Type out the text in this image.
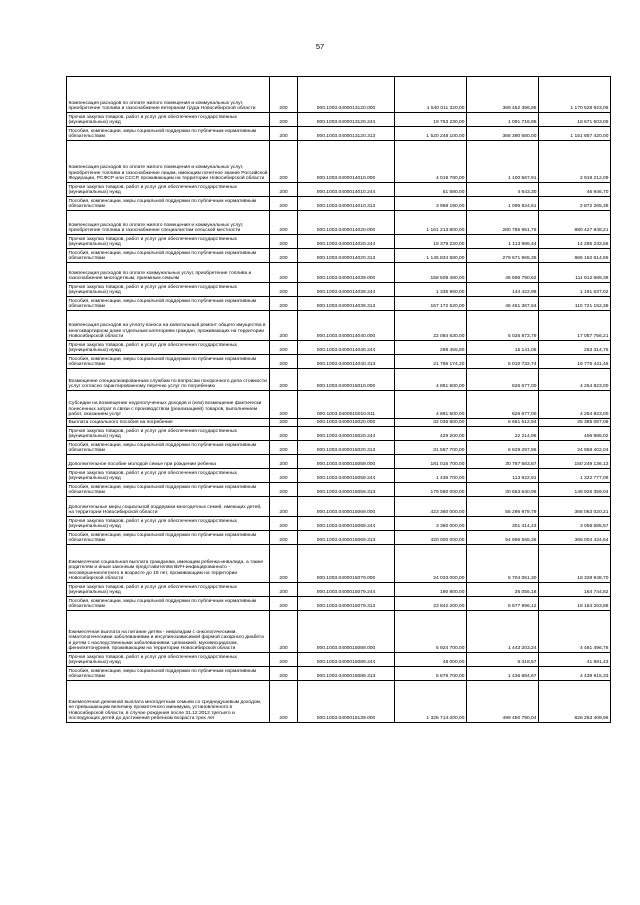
57
Компенсация расходов по оплате жилого помещения и коммунальных услуг, приобретение топлива и газоснабжение ветеранам труда Новосибирской области	200	000.1003.0400013120.000	1 540 011 320,00	369 452 396,95	1 170 528 923,05
Прочая закупка товаров, работ и услуг для обеспечения государственных (муниципальных) нужд	200	000.1003.0400013120.244	19 763 230,00	1 091 716,95	18 671 503,05
Пособия, компенсации, меры социальной поддержки по публичным нормативным обязательствам	200	000.1003.0400013120.313	1 520 248 100,00	368 390 680,00	1 151 857 420,00
Компенсация расходов по оплате жилого помещения и коммунальных услуг, приобретение топлива и газоснабжение лицам, имеющим почетное звание Российской Федерации, РСФСР или СССР, проживающим на территории Новосибирской области	200	000.1003.0400014010.000	4 019 780,00	1 100 567,91	2 919 212,09
Прочая закупка товаров, работ и услуг для обеспечения государственных (муниципальных) нужд	200	000.1003.0400014010.244	51 590,00	4 643,30	46 946,70
Пособия, компенсации, меры социальной поддержки по публичным нормативным обязательствам	200	000.1003.0400014010.313	3 968 190,00	1 095 924,61	2 872 265,39
Компенсация расходов по оплате жилого помещения и коммунальных услуг, приобретение топлива и газоснабжение специалистам сельской местности	200	000.1003.0400014020.000	1 161 213 800,00	280 785 951,79	880 427 848,21
Прочая закупка товаров, работ и услуг для обеспечения государственных (муниципальных) нужд	200	000.1003.0400014020.244	15 379 220,00	1 113 986,44	14 265 233,56
Пособия, компенсации, меры социальной поддержки по публичным нормативным обязательствам	200	000.1003.0400014020.313	1 145 834 580,00	279 671 965,35	866 162 614,65
Компенсация расходов по оплате коммунальных услуг, приобретение топлива и газоснабжение многодетным, приемным семьям	200	000.1003.0400014039.000	158 508 480,00	46 596 790,62	111 912 689,38
Прочая закупка товаров, работ и услуг для обеспечения государственных (муниципальных) нужд	200	000.1003.0400014039.244	1 335 960,00	144 422,98	1 191 537,02
Пособия, компенсации, меры социальной поддержки по публичным нормативным обязательствам	200	000.1003.0400014039.313	157 172 520,00	46 451 367,64	110 721 152,36
Компенсация расходов на уплату взноса на капитальный ремонт общего имущества в многоквартирном доме отдельным категориям граждан, проживающих на территории Новосибирской области	200	000.1003.0400014040.000	22 084 630,00	5 026 873,79	17 057 756,21
Прочая закупка товаров, работ и услуг для обеспечения государственных (муниципальных) нужд	200	000.1003.0400014040.244	298 455,80	15 141,05	283 314,75
Пособия, компенсации, меры социальной поддержки по публичным нормативным обязательствам	200	000.1003.0400014040.313	21 786 174,20	5 010 732,74	16 775 441,46
Возмещение специализированным службам по вопросам похоронного дела стоимости услуг согласно гарантированному перечню услуг по погребению	200	000.1003.0400015010.000	4 881 500,00	626 677,00	4 254 823,00
Субсидии на возмещение недополученных доходов и (или) возмещение фактически понесенных затрат в связи с производством (реализацией) товаров, выполнением работ, оказанием услуг	200	000.1003.0400015010.811	4 881 500,00	626 677,00	4 254 823,00
Выплата социального пособия на погребение	200	000.1003.0400015020.000	32 036 600,00	6 651 512,94	25 385 087,06
Прочая закупка товаров, работ и услуг для обеспечения государственных (муниципальных) нужд	200	000.1003.0400015020.244	429 200,00	22 214,96	406 985,02
Пособия, компенсации, меры социальной поддержки по публичным нормативным обязательствам	200	000.1003.0400015020.313	31 597 700,00	6 629 297,96	24 968 402,04
Дополнительное пособие молодой семье при рождении ребенка	200	000.1003.0400015059.000	181 016 700,00	30 767 563,87	150 249 136,13
Прочая закупка товаров, работ и услуг для обеспечения государственных (муниципальных) нужд	200	000.1003.0400015059.244	1 436 700,00	113 922,91	1 322 777,09
Пособия, компенсации, меры социальной поддержки по публичным нормативным обязательствам	200	000.1003.0400015059.313	179 580 000,00	30 653 640,96	148 926 359,04
Дополнительные меры социальной поддержки многодетных семей, имеющих детей, на территории Новосибирской области	200	000.1003.0400015069.000	423 360 000,00	55 296 979,79	368 063 020,21
Прочая закупка товаров, работ и услуг для обеспечения государственных (муниципальных) нужд	200	000.1003.0400015069.244	3 360 000,00	301 414,43	3 058 585,57
Пособия, компенсации, меры социальной поддержки по публичным нормативным обязательствам	200	000.1003.0400015069.313	420 000 000,00	54 995 565,36	365 004 434,64
Ежемесячная социальная выплата гражданам, имеющим ребенка-инвалида, а также родителям и иным законным представителям ВИЧ-инфицированного - несовершеннолетнего в возрасте до 18 лет, проживающим на территории Новосибирской области	200	000.1003.0400015079.000	24 033 000,00	5 704 051,30	18 328 948,70
Прочая закупка товаров, работ и услуг для обеспечения государственных (муниципальных) нужд	200	000.1003.0400015079.244	190 800,00	26 055,18	164 744,82
Пособия, компенсации, меры социальной поддержки по публичным нормативным обязательствам	200	000.1003.0400015079.313	23 842 200,00	5 677 996,12	18 164 203,88
Ежемесячная выплата на питание детям - инвалидам с онкологическими, гематологическими заболеваниями и инсулинозависимой формой сахарного диабета и детям с наследственными заболеваниями: целиакией, муковисцидозом, фенилкетонурией, проживающим на территории Новосибирской области	200	000.1003.0400015089.000	5 924 700,00	1 443 203,24	4 481 496,76
Прочая закупка товаров, работ и услуг для обеспечения государственных (муниципальных) нужд	200	000.1003.0400015089.244	48 000,00	6 318,57	41 681,43
Пособия, компенсации, меры социальной поддержки по публичным нормативным обязательствам	200	000.1003.0400015089.313	5 876 700,00	1 436 884,67	4 439 815,33
Ежемесячная денежная выплата многодетным семьям со среднедушевым доходом, не превышающим величину прожиточного минимума, установленного в Новосибирской области, в случае рождения после 31.12.2012 третьего и последующих детей до достижения ребенком возраста трех лет	200	000.1003.0400015139.000	1 325 714 200,00	499 450 790,04	826 263 409,96
